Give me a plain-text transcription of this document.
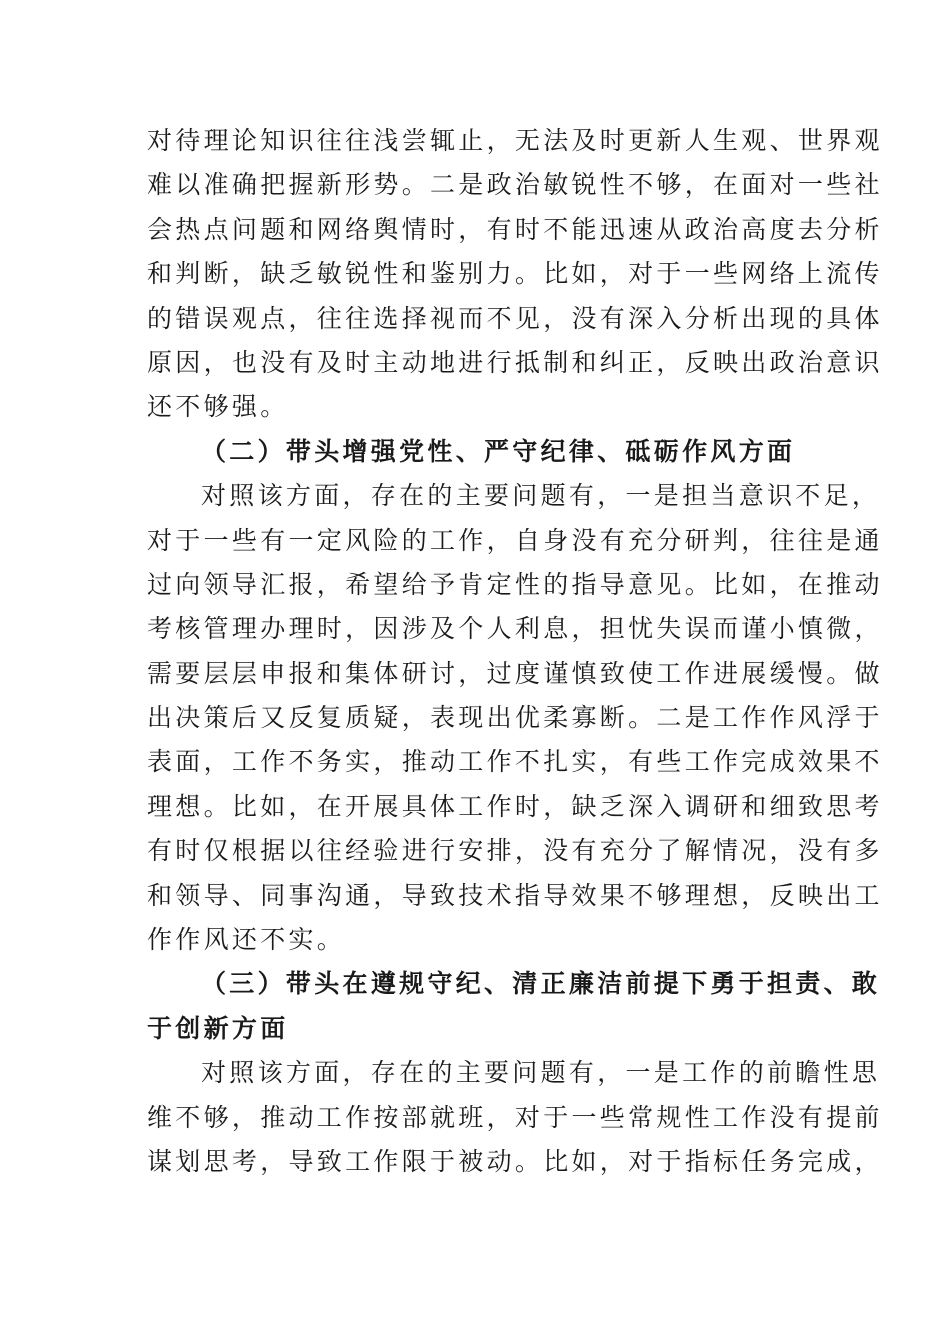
对待理论知识往往浅尝辄止，无法及时更新人生观、世界观
难以准确把握新形势。二是政治敏锐性不够，在面对一些社
会热点问题和网络舆情时，有时不能迅速从政治高度去分析
和判断，缺乏敏锐性和鉴别力。比如，对于一些网络上流传
的错误观点，往往选择视而不见，没有深入分析出现的具体
原因，也没有及时主动地进行抵制和纠正，反映出政治意识
还不够强。
（二）带头增强党性、严守纪律、砥砺作风方面
对照该方面，存在的主要问题有，一是担当意识不足，
对于一些有一定风险的工作，自身没有充分研判，往往是通
过向领导汇报，希望给予肯定性的指导意见。比如，在推动
考核管理办理时，因涉及个人利息，担忧失误而谨小慎微，
需要层层申报和集体研讨，过度谨慎致使工作进展缓慢。做
出决策后又反复质疑，表现出优柔寡断。二是工作作风浮于
表面，工作不务实，推动工作不扎实，有些工作完成效果不
理想。比如，在开展具体工作时，缺乏深入调研和细致思考
有时仅根据以往经验进行安排，没有充分了解情况，没有多
和领导、同事沟通，导致技术指导效果不够理想，反映出工
作作风还不实。
（三）带头在遵规守纪、清正廉洁前提下勇于担责、敢
于创新方面
对照该方面，存在的主要问题有，一是工作的前瞻性思
维不够，推动工作按部就班，对于一些常规性工作没有提前
谋划思考，导致工作限于被动。比如，对于指标任务完成，
